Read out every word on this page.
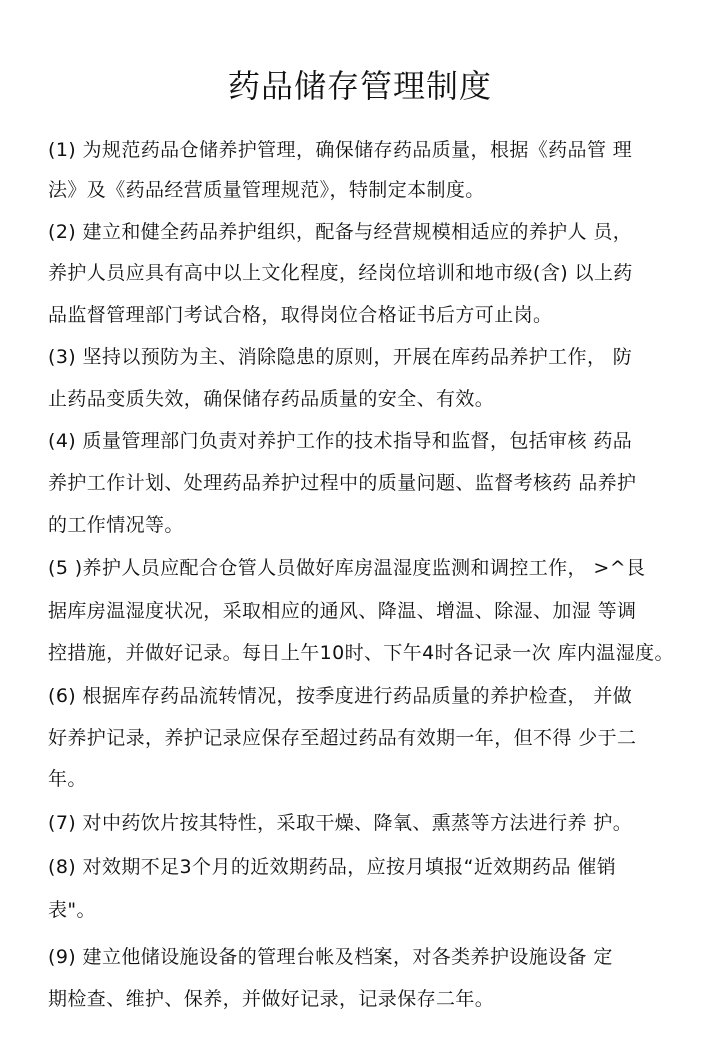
药品储存管理制度
(1) 为规范药品仓储养护管理，确保储存药品质量，根据《药品管 理
法》及《药品经营质量管理规范》，特制定本制度。
(2) 建立和健全药品养护组织，配备与经营规模相适应的养护人 员，
养护人员应具有高中以上文化程度，经岗位培训和地市级(含) 以上药
品监督管理部门考试合格，取得岗位合格证书后方可止岗。
(3) 坚持以预防为主、消除隐患的原则，开展在库药品养护工作， 防
止药品变质失效，确保储存药品质量的安全、有效。
(4) 质量管理部门负责对养护工作的技术指导和监督，包括审核 药品
养护工作计划、处理药品养护过程中的质量问题、监督考核药 品养护
的工作情况等。
(5 )养护人员应配合仓管人员做好库房温湿度监测和调控工作， >^艮
据库房温湿度状况，采取相应的通风、降温、增温、除湿、加湿 等调
控措施，并做好记录。每日上午10时、下午4时各记录一次 库内温湿度。
(6) 根据库存药品流转情况，按季度进行药品质量的养护检查， 并做
好养护记录，养护记录应保存至超过药品有效期一年，但不得 少于二
年。
(7) 对中药饮片按其特性，采取干燥、降氧、熏蒸等方法进行养 护。
(8) 对效期不足3个月的近效期药品，应按月填报“近效期药品 催销
表"。
(9) 建立他储设施设备的管理台帐及档案，对各类养护设施设备 定
期检查、维护、保养，并做好记录，记录保存二年。
